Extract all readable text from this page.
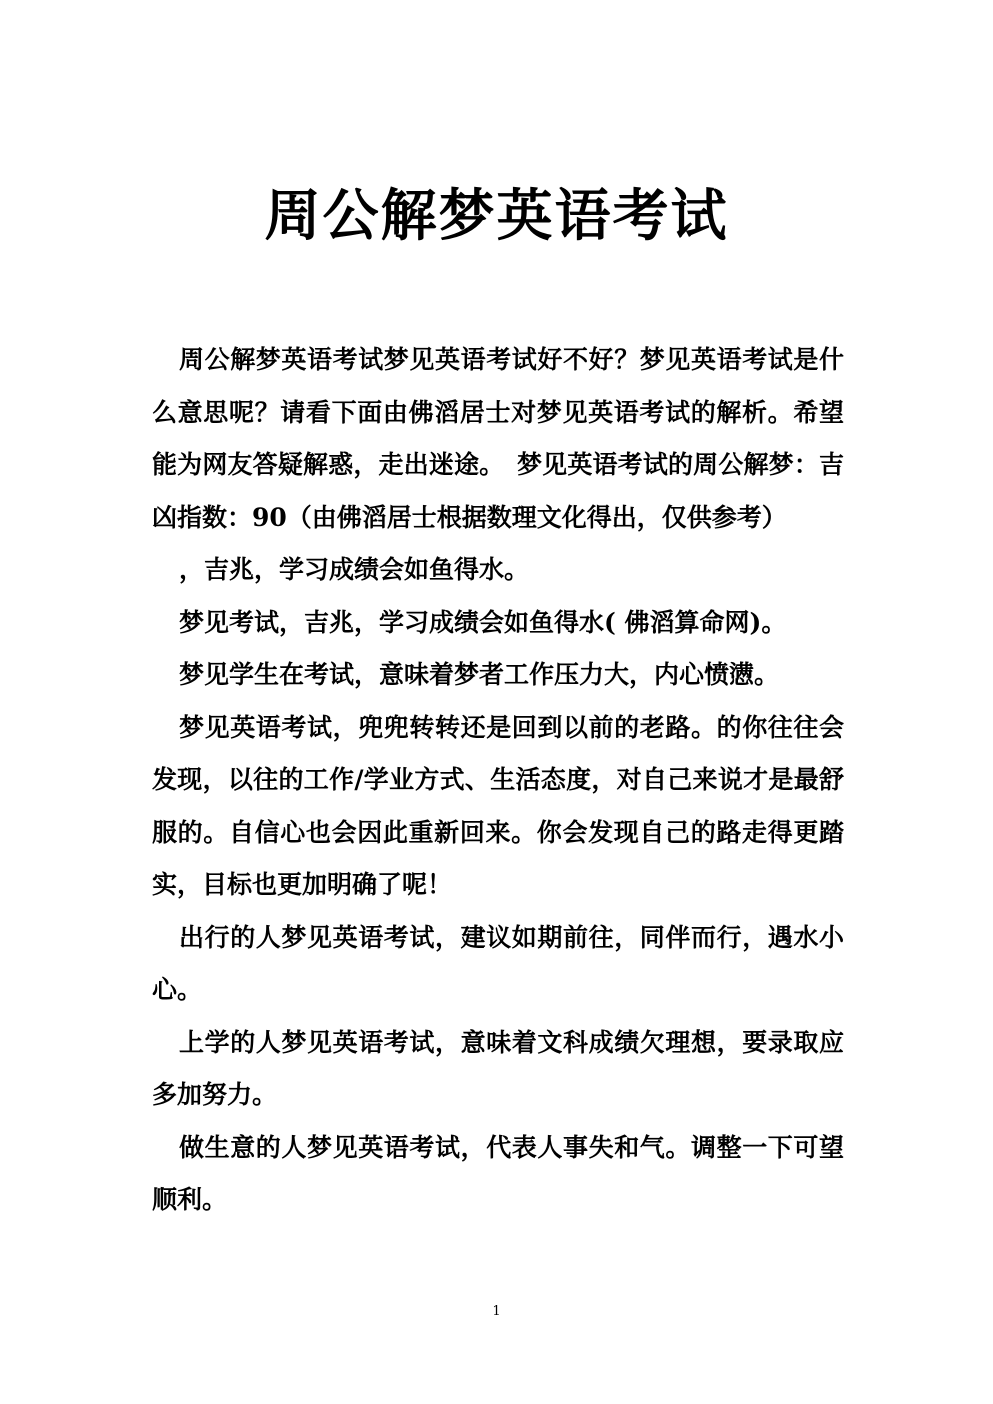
周公解梦英语考试

周公解梦英语考试梦见英语考试好不好？梦见英语考试是什么意思呢？请看下面由佛滔居士对梦见英语考试的解析。希望能为网友答疑解惑，走出迷途。　梦见英语考试的周公解梦：吉凶指数：90（由佛滔居士根据数理文化得出，仅供参考）

，吉兆，学习成绩会如鱼得水。

梦见考试，吉兆，学习成绩会如鱼得水( 佛滔算命网)。

梦见学生在考试，意味着梦者工作压力大，内心愤懑。

梦见英语考试，兜兜转转还是回到以前的老路。的你往往会发现，以往的工作/学业方式、生活态度，对自己来说才是最舒服的。自信心也会因此重新回来。你会发现自己的路走得更踏实，目标也更加明确了呢！

出行的人梦见英语考试，建议如期前往，同伴而行，遇水小心。

上学的人梦见英语考试，意味着文科成绩欠理想，要录取应多加努力。

做生意的人梦见英语考试，代表人事失和气。调整一下可望顺利。

1
